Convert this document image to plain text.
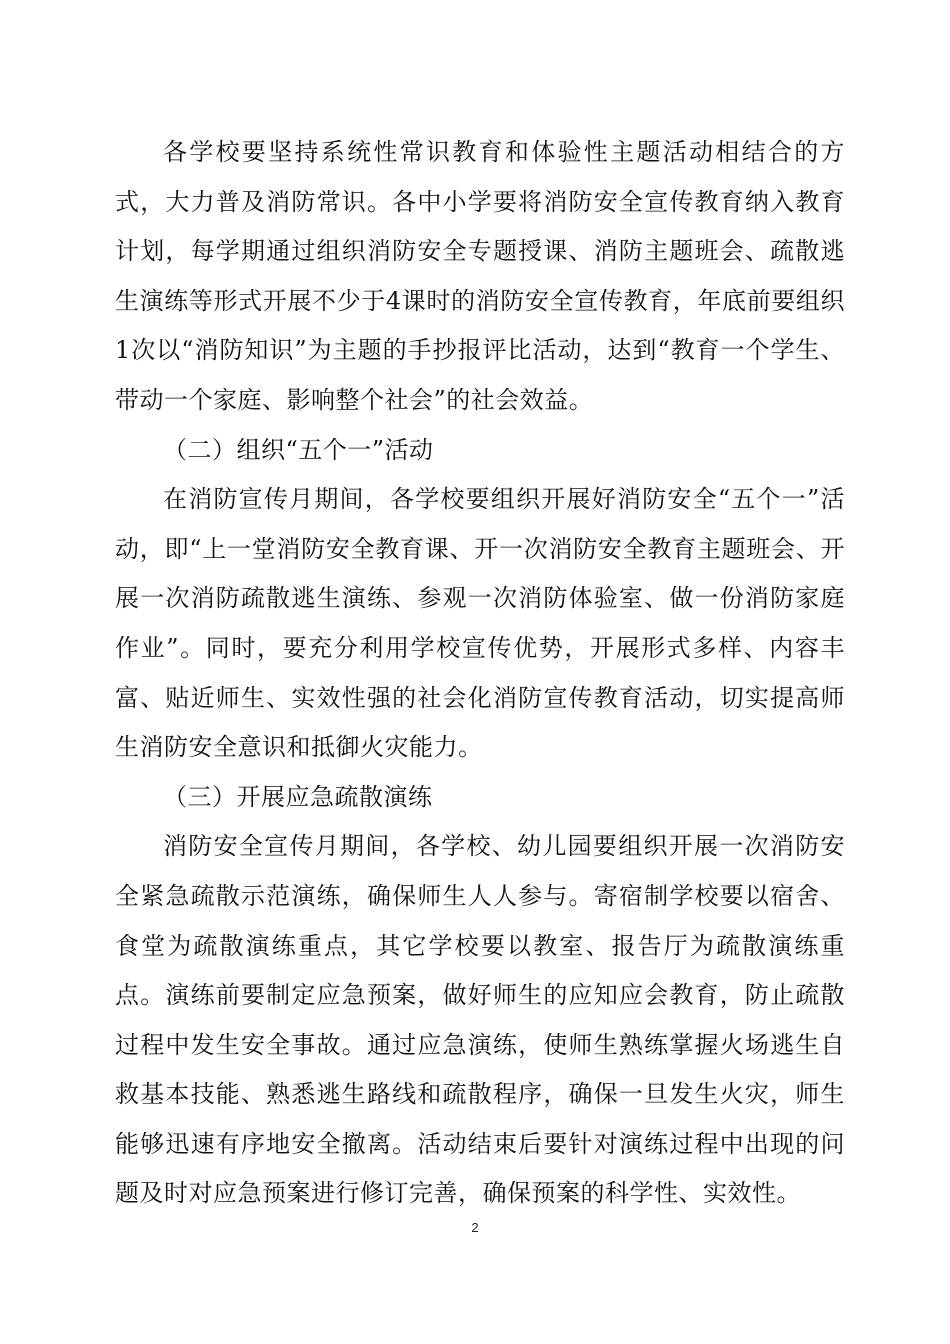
各学校要坚持系统性常识教育和体验性主题活动相结合的方式，大力普及消防常识。各中小学要将消防安全宣传教育纳入教育计划，每学期通过组织消防安全专题授课、消防主题班会、疏散逃生演练等形式开展不少于4课时的消防安全宣传教育，年底前要组织1次以“消防知识”为主题的手抄报评比活动，达到“教育一个学生、带动一个家庭、影响整个社会”的社会效益。

（二）组织“五个一”活动

在消防宣传月期间，各学校要组织开展好消防安全“五个一”活动，即“上一堂消防安全教育课、开一次消防安全教育主题班会、开展一次消防疏散逃生演练、参观一次消防体验室、做一份消防家庭作业”。同时，要充分利用学校宣传优势，开展形式多样、内容丰富、贴近师生、实效性强的社会化消防宣传教育活动，切实提高师生消防安全意识和抵御火灾能力。

（三）开展应急疏散演练

消防安全宣传月期间，各学校、幼儿园要组织开展一次消防安全紧急疏散示范演练，确保师生人人参与。寄宿制学校要以宿舍、食堂为疏散演练重点，其它学校要以教室、报告厅为疏散演练重点。演练前要制定应急预案，做好师生的应知应会教育，防止疏散过程中发生安全事故。通过应急演练，使师生熟练掌握火场逃生自救基本技能、熟悉逃生路线和疏散程序，确保一旦发生火灾，师生能够迅速有序地安全撤离。活动结束后要针对演练过程中出现的问题及时对应急预案进行修订完善，确保预案的科学性、实效性。

2
